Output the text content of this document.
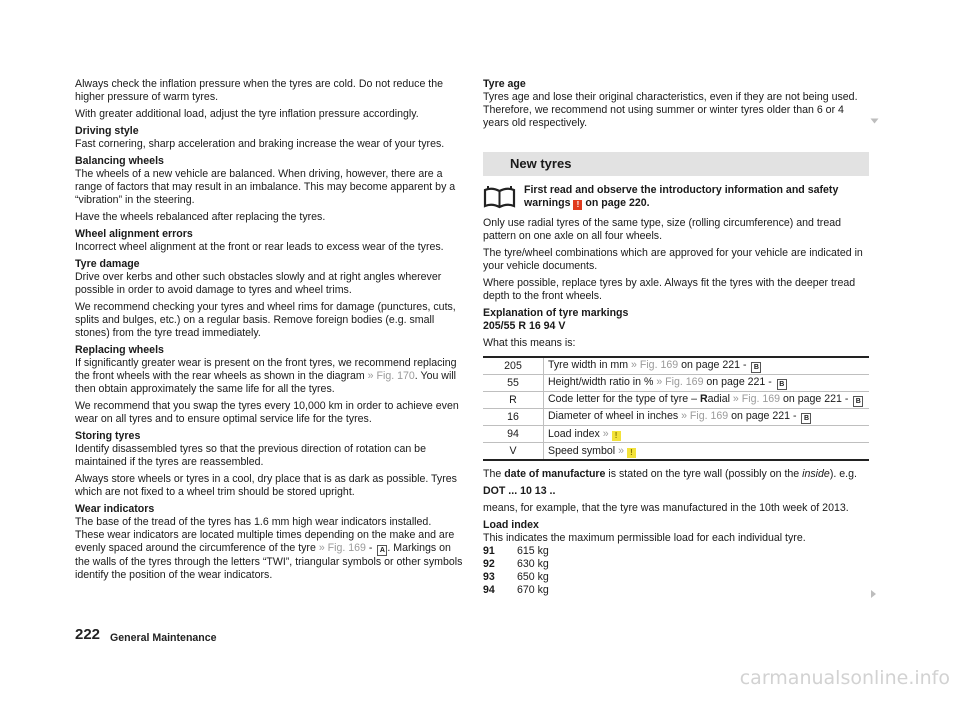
Always check the inflation pressure when the tyres are cold. Do not reduce the higher pressure of warm tyres.

With greater additional load, adjust the tyre inflation pressure accordingly.

Driving style
Fast cornering, sharp acceleration and braking increase the wear of your tyres.
Balancing wheels
The wheels of a new vehicle are balanced. When driving, however, there are a range of factors that may result in an imbalance. This may become apparent by a “vibration” in the steering.

Have the wheels rebalanced after replacing the tyres.

Wheel alignment errors
Incorrect wheel alignment at the front or rear leads to excess wear of the tyres.
Tyre damage
Drive over kerbs and other such obstacles slowly and at right angles wherever possible in order to avoid damage to tyres and wheel trims.

We recommend checking your tyres and wheel rims for damage (punctures, cuts, splits and bulges, etc.) on a regular basis. Remove foreign bodies (e.g. small stones) from the tyre tread immediately.

Replacing wheels
If significantly greater wear is present on the front tyres, we recommend replacing the front wheels with the rear wheels as shown in the diagram » Fig. 170. You will then obtain approximately the same life for all the tyres.

We recommend that you swap the tyres every 10,000 km in order to achieve even wear on all tyres and to ensure optimal service life for the tyres.

Storing tyres
Identify disassembled tyres so that the previous direction of rotation can be maintained if the tyres are reassembled.

Always store wheels or tyres in a cool, dry place that is as dark as possible. Tyres which are not fixed to a wheel trim should be stored upright.

Wear indicators
The base of the tread of the tyres has 1.6 mm high wear indicators installed. These wear indicators are located multiple times depending on the make and are evenly spaced around the circumference of the tyre » Fig. 169 - A . Markings on the walls of the tyres through the letters “TWI”, triangular symbols or other symbols identify the position of the wear indicators.
Tyre age
Tyres age and lose their original characteristics, even if they are not being used. Therefore, we recommend not using summer or winter tyres older than 6 or 4 years old respectively.
New tyres
First read and observe the introductory information and safety warnings ! on page 220.

Only use radial tyres of the same type, size (rolling circumference) and tread pattern on one axle on all four wheels.

The tyre/wheel combinations which are approved for your vehicle are indicated in your vehicle documents.

Where possible, replace tyres by axle. Always fit the tyres with the deeper tread depth to the front wheels.

Explanation of tyre markings
205/55 R 16 94 V

What this means is:

205	Tyre width in mm » Fig. 169 on page 221 - B
55	Height/width ratio in % » Fig. 169 on page 221 - B
R	Code letter for the type of tyre – Radial » Fig. 169 on page 221 - B
16	Diameter of wheel in inches » Fig. 169 on page 221 - B
94	Load index » !
V	Speed symbol » !

The date of manufacture is stated on the tyre wall (possibly on the inside). e.g.

DOT ... 10 13 ..

means, for example, that the tyre was manufactured in the 10th week of 2013.

Load index
This indicates the maximum permissible load for each individual tyre.
91	615 kg
92	630 kg
93	650 kg
94	670 kg
222 General Maintenance
carmanualsonline.info
